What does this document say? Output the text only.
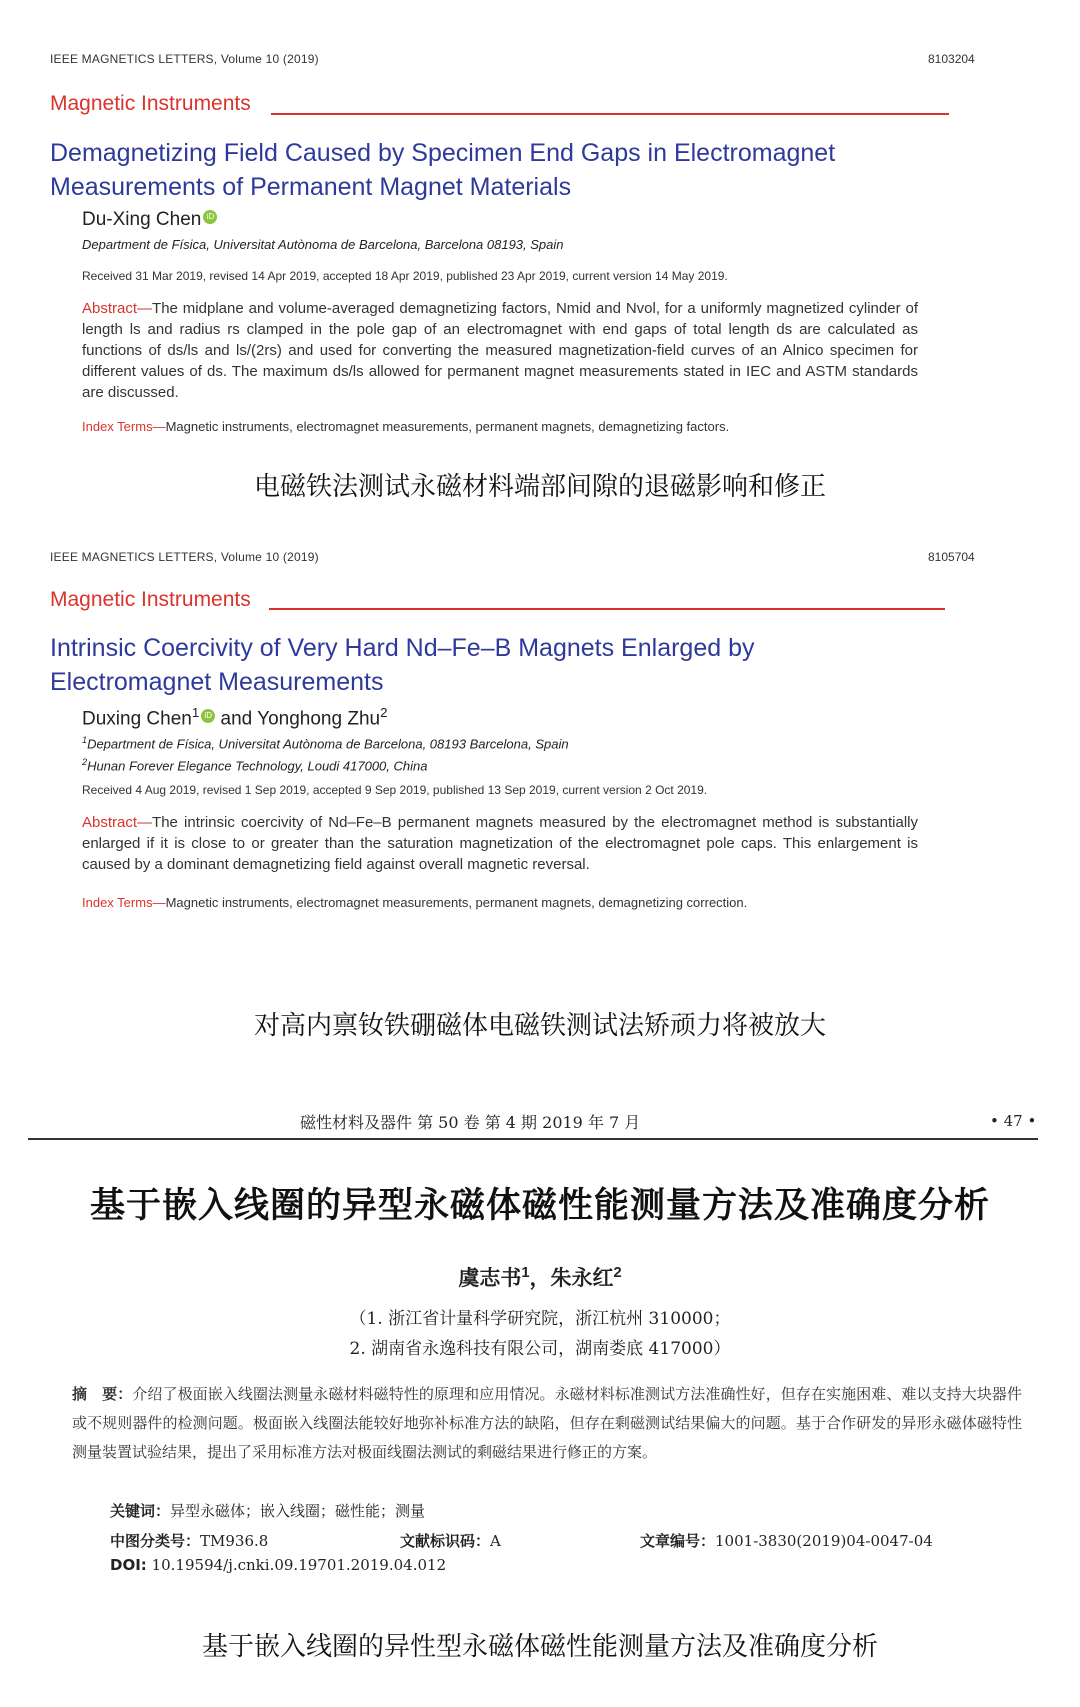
IEEE MAGNETICS LETTERS, Volume 10 (2019)	8103204
Magnetic Instruments
Demagnetizing Field Caused by Specimen End Gaps in Electromagnet
Measurements of Permanent Magnet Materials
Du-Xing Chen iD
Department de Física, Universitat Autònoma de Barcelona, Barcelona 08193, Spain
Received 31 Mar 2019, revised 14 Apr 2019, accepted 18 Apr 2019, published 23 Apr 2019, current version 14 May 2019.
Abstract—The midplane and volume-averaged demagnetizing factors, Nmid and Nvol, for a uniformly magnetized cylinder of length ls and radius rs clamped in the pole gap of an electromagnet with end gaps of total length ds are calculated as functions of ds/ls and ls/(2rs) and used for converting the measured magnetization-field curves of an Alnico specimen for different values of ds. The maximum ds/ls allowed for permanent magnet measurements stated in IEC and ASTM standards are discussed.
Index Terms—Magnetic instruments, electromagnet measurements, permanent magnets, demagnetizing factors.
电磁铁法测试永磁材料端部间隙的退磁影响和修正
IEEE MAGNETICS LETTERS, Volume 10 (2019)	8105704
Magnetic Instruments
Intrinsic Coercivity of Very Hard Nd–Fe–B Magnets Enlarged by
Electromagnet Measurements
Duxing Chen$^1$ iD and Yonghong Zhu$^2$
$^1$Department de Física, Universitat Autònoma de Barcelona, 08193 Barcelona, Spain
$^2$Hunan Forever Elegance Technology, Loudi 417000, China
Received 4 Aug 2019, revised 1 Sep 2019, accepted 9 Sep 2019, published 13 Sep 2019, current version 2 Oct 2019.
Abstract—The intrinsic coercivity of Nd–Fe–B permanent magnets measured by the electromagnet method is substantially enlarged if it is close to or greater than the saturation magnetization of the electromagnet pole caps. This enlargement is caused by a dominant demagnetizing field against overall magnetic reversal.
Index Terms—Magnetic instruments, electromagnet measurements, permanent magnets, demagnetizing correction.
对高内禀钕铁硼磁体电磁铁测试法矫顽力将被放大
磁性材料及器件 第 50 卷 第 4 期 2019 年 7 月	• 47 •
基于嵌入线圈的异型永磁体磁性能测量方法及准确度分析
虞志书$^1$，朱永红$^2$
（1. 浙江省计量科学研究院，浙江杭州 310000；
2. 湖南省永逸科技有限公司，湖南娄底 417000）
摘　要：介绍了极面嵌入线圈法测量永磁材料磁特性的原理和应用情况。永磁材料标准测试方法准确性好，但存在实施困难、难以支持大块器件或不规则器件的检测问题。极面嵌入线圈法能较好地弥补标准方法的缺陷，但存在剩磁测试结果偏大的问题。基于合作研发的异形永磁体磁特性测量装置试验结果，提出了采用标准方法对极面线圈法测试的剩磁结果进行修正的方案。
关键词：异型永磁体；嵌入线圈；磁性能；测量
中图分类号：TM936.8	文献标识码：A	文章编号：1001-3830(2019)04-0047-04
DOI: 10.19594/j.cnki.09.19701.2019.04.012
基于嵌入线圈的异性型永磁体磁性能测量方法及准确度分析
